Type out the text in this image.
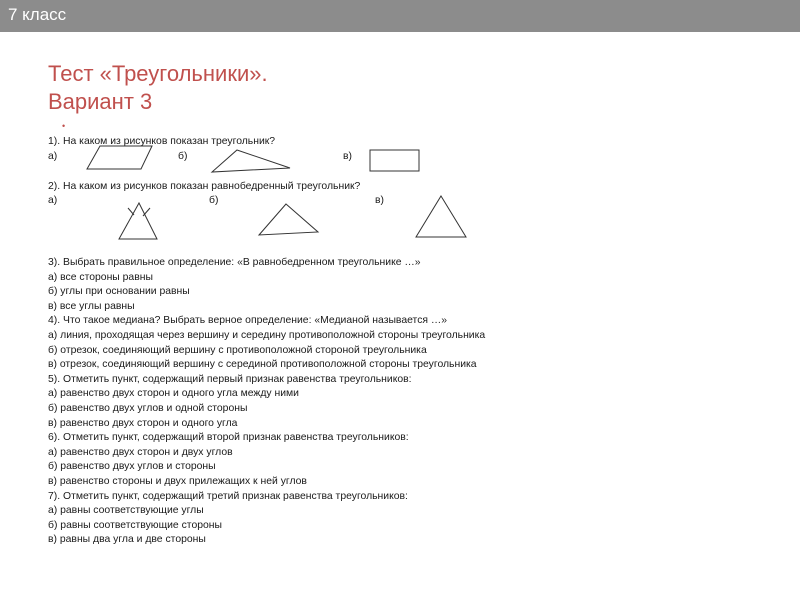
7 класс
Тест «Треугольники».
Вариант 3
•
1). На каком из рисунков показан треугольник?
а)	б)	в)
2). На каком из рисунков показан равнобедренный треугольник?
а)	б)	в)
3). Выбрать правильное определение: «В равнобедренном треугольнике …»
а) все стороны равны
б) углы при основании равны
в) все углы равны
4). Что такое медиана? Выбрать верное определение: «Медианой называется …»
а) линия, проходящая через вершину и середину противоположной стороны треугольника
б) отрезок, соединяющий вершину с противоположной стороной треугольника
в) отрезок, соединяющий вершину с серединой противоположной стороны треугольника
5). Отметить пункт, содержащий первый признак равенства треугольников:
а) равенство двух сторон и одного угла между ними
б) равенство двух углов и одной стороны
в) равенство двух сторон и одного угла
6). Отметить пункт, содержащий второй признак равенства треугольников:
а) равенство двух сторон и двух углов
б) равенство двух углов и стороны
в) равенство стороны и двух прилежащих к ней углов
7). Отметить пункт, содержащий третий признак равенства треугольников:
а) равны соответствующие углы
б) равны соответствующие стороны
в) равны два угла и две стороны
